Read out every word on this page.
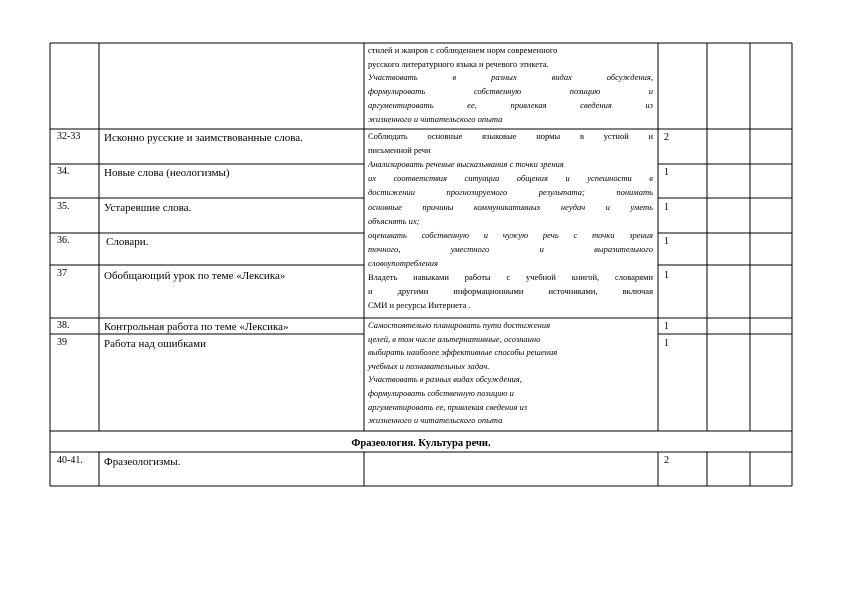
стилей и жанров с соблюдением норм современного
русского литературного языка и речевого этикета.
Участвовать в разных видах обсуждения,
формулировать собственную позицию и
аргументировать ее, привлекая сведения из
жизненного и читательского опыта
32-33 Исконно русские и заимствованные слова.	2
Соблюдать основные языковые нормы в устной и
письменной речи
Анализировать речевые высказывания с точки зрения
их соответствия ситуации общения и успешности в
достижении прогнозируемого результата; понимать
основные причины коммуникативных неудач и уметь
объяснять их;
оценивать собственную и чужую речь с точки зрения
точного, уместного и выразительного
словоупотребления
Владеть навыками работы с учебной книгой, словарями
и другими информационными источниками, включая
СМИ и ресурсы Интернета .
34.	Новые слова (неологизмы)	1
35.	Устаревшие слова.	1
36.	Словари.	1
37	Обобщающий урок по теме «Лексика»	1
38.	Контрольная работа по теме «Лексика»	1
Самостоятельно планировать пути достижения
целей, в том числе альтернативные, осознанно
выбирать наиболее эффективные способы решения
учебных и познавательных задач.
Участвовать в разных видах обсуждения,
формулировать собственную позицию и
аргументировать ее, привлекая сведения из
жизненного и читательского опыта
39	Работа над ошибками	1
Фразеология. Культура речи.
40-41. Фразеологизмы.	2
